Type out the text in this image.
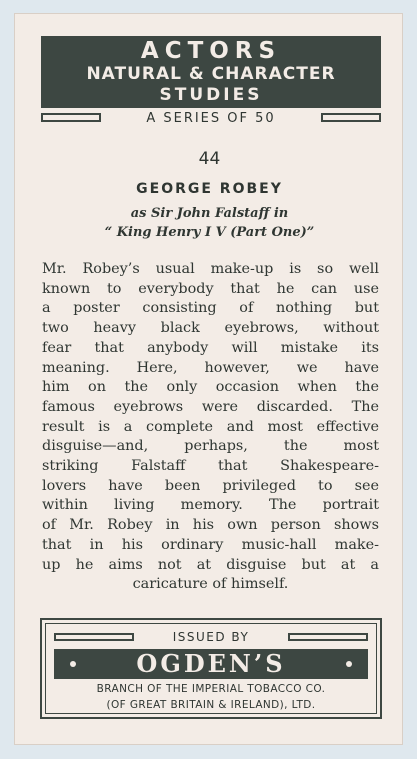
ACTORS
NATURAL & CHARACTER
STUDIES
A SERIES OF 50
44
GEORGE ROBEY
as Sir John Falstaff in
“ King Henry I V (Part One)”
Mr. Robey’s usual make-up is so well
known to everybody that he can use
a poster consisting of nothing but
two heavy black eyebrows, without
fear that anybody will mistake its
meaning. Here, however, we have
him on the only occasion when the
famous eyebrows were discarded. The
result is a complete and most effective
disguise—and, perhaps, the most
striking Falstaff that Shakespeare-
lovers have been privileged to see
within living memory. The portrait
of Mr. Robey in his own person shows
that in his ordinary music-hall make-
up he aims not at disguise but at a
caricature of himself.
ISSUED BY
OGDEN’S
BRANCH OF THE IMPERIAL TOBACCO CO.
(OF GREAT BRITAIN & IRELAND), LTD.
